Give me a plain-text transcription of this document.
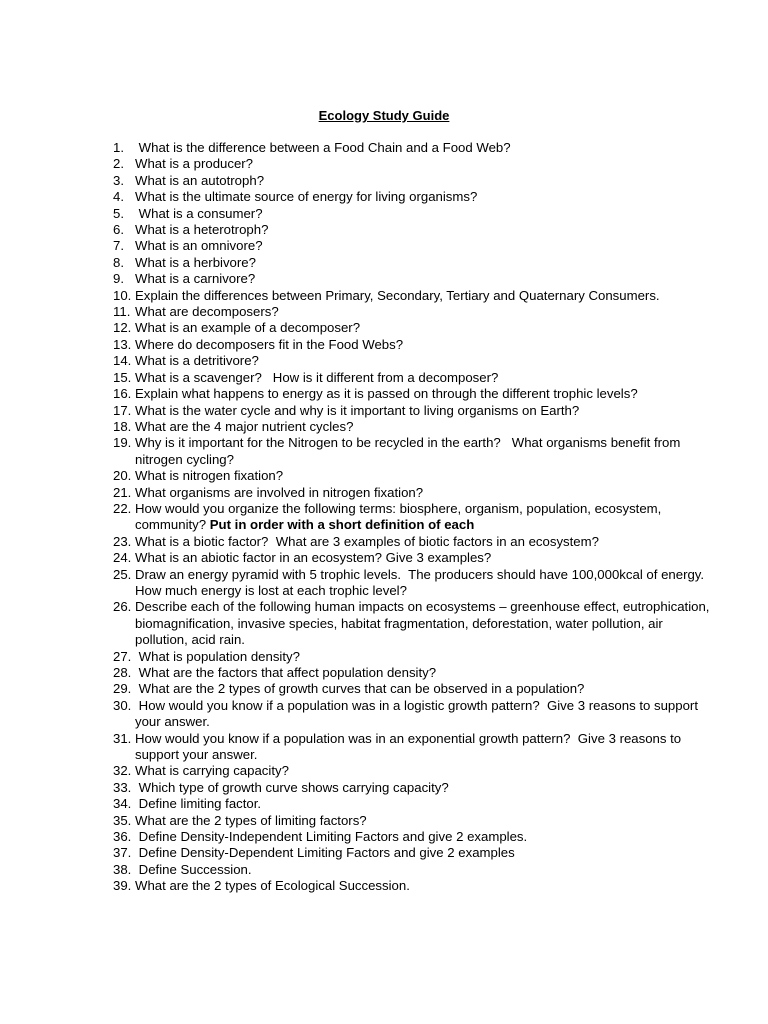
Ecology Study Guide
1. What is the difference between a Food Chain and a Food Web?
2. What is a producer?
3. What is an autotroph?
4. What is the ultimate source of energy for living organisms?
5. What is a consumer?
6. What is a heterotroph?
7. What is an omnivore?
8. What is a herbivore?
9. What is a carnivore?
10. Explain the differences between Primary, Secondary, Tertiary and Quaternary Consumers.
11. What are decomposers?
12. What is an example of a decomposer?
13. Where do decomposers fit in the Food Webs?
14. What is a detritivore?
15. What is a scavenger?   How is it different from a decomposer?
16. Explain what happens to energy as it is passed on through the different trophic levels?
17. What is the water cycle and why is it important to living organisms on Earth?
18. What are the 4 major nutrient cycles?
19. Why is it important for the Nitrogen to be recycled in the earth?   What organisms benefit from nitrogen cycling?
20. What is nitrogen fixation?
21. What organisms are involved in nitrogen fixation?
22. How would you organize the following terms: biosphere, organism, population, ecosystem, community? Put in order with a short definition of each
23. What is a biotic factor?  What are 3 examples of biotic factors in an ecosystem?
24. What is an abiotic factor in an ecosystem? Give 3 examples?
25. Draw an energy pyramid with 5 trophic levels.  The producers should have 100,000kcal of energy.  How much energy is lost at each trophic level?
26. Describe each of the following human impacts on ecosystems – greenhouse effect, eutrophication, biomagnification, invasive species, habitat fragmentation, deforestation, water pollution, air pollution, acid rain.
27. What is population density?
28. What are the factors that affect population density?
29. What are the 2 types of growth curves that can be observed in a population?
30. How would you know if a population was in a logistic growth pattern?  Give 3 reasons to support your answer.
31. How would you know if a population was in an exponential growth pattern?  Give 3 reasons to support your answer.
32. What is carrying capacity?
33. Which type of growth curve shows carrying capacity?
34. Define limiting factor.
35. What are the 2 types of limiting factors?
36. Define Density-Independent Limiting Factors and give 2 examples.
37. Define Density-Dependent Limiting Factors and give 2 examples
38. Define Succession.
39. What are the 2 types of Ecological Succession.
